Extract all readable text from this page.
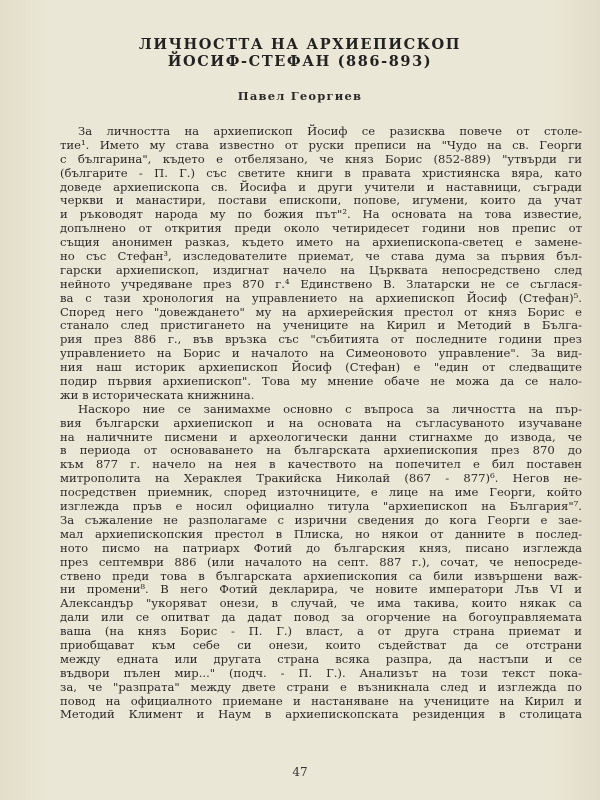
ЛИЧНОСТТА НА АРХИЕПИСКОП
ЙОСИФ-СТЕФАН (886-893)
Павел Георгиев
За личността на архиепископ Йосиф се разисква повече от столе-
тие¹. Името му става известно от руски преписи на "Чудо на св. Георги
с българина", където е отбелязано, че княз Борис (852-889) "утвърди ги
(българите - П. Г.) със светите книги в правата християнска вяра, като
доведе архиепископа св. Йосифа и други учители и наставници, съгради
черкви и манастири, постави епископи, попове, игумени, които да учат
и ръководят народа му по божия път"². На основата на това известие,
допълнено от открития преди около четиридесет години нов препис от
същия анонимен разказ, където името на архиепископа-светец е замене-
но със Стефан³, изследователите приемат, че става дума за първия бъл-
гарски архиепископ, издигнат начело на Църквата непосредствено след
нейното учредяване през 870 г.⁴ Единствено В. Златарски не се съглася-
ва с тази хронология на управлението на архиепископ Йосиф (Стефан)⁵.
Според него "довеждането" му на архиерейския престол от княз Борис е
станало след пристигането на учениците на Кирил и Методий в Бълга-
рия през 886 г., във връзка със "събитията от последните години през
управлението на Борис и началото на Симеоновото управление". За вид-
ния наш историк архиепископ Йосиф (Стефан) е "един от следващите
подир първия архиепископ". Това му мнение обаче не можа да се нало-
жи в историческата книжнина.
Наскоро ние се занимахме основно с въпроса за личността на пър-
вия български архиепископ и на основата на съгласуваното изучаване
на наличните писмени и археологически данни стигнахме до извода, че
в периода от основаването на българската архиепископия през 870 до
към 877 г. начело на нея в качеството на попечител е бил поставен
митрополита на Хераклея Тракийска Николай (867 - 877)⁶. Негов не-
посредствен приемник, според източниците, е лице на име Георги, който
изглежда пръв е носил официално титула "архиепископ на България"⁷.
За съжаление не разполагаме с изрични сведения до кога Георги е зае-
мал архиепископския престол в Плиска, но някои от данните в послед-
ното писмо на патриарх Фотий до българския княз, писано изглежда
през септември 886 (или началото на септ. 887 г.), сочат, че непосреде-
ствено преди това в българската архиепископия са били извършени важ-
ни промени⁸. В него Фотий декларира, че новите императори Лъв VI и
Александър "укоряват онези, в случай, че има такива, които някак са
дали или се опитват да дадат повод за огорчение на богоуправляемата
ваша (на княз Борис - П. Г.) власт, а от друга страна приемат и
приобщават към себе си онези, които съдействат да се отстрани
между едната или другата страна всяка разпра, да настъпи и се
въдвори пълен мир..." (подч. - П. Г.). Анализът на този текст пока-
за, че "разпрата" между двете страни е възникнала след и изглежда по
повод на официалното приемане и настаняване на учениците на Кирил и
Методий Климент и Наум в архиепископската резиденция в столицата
47
